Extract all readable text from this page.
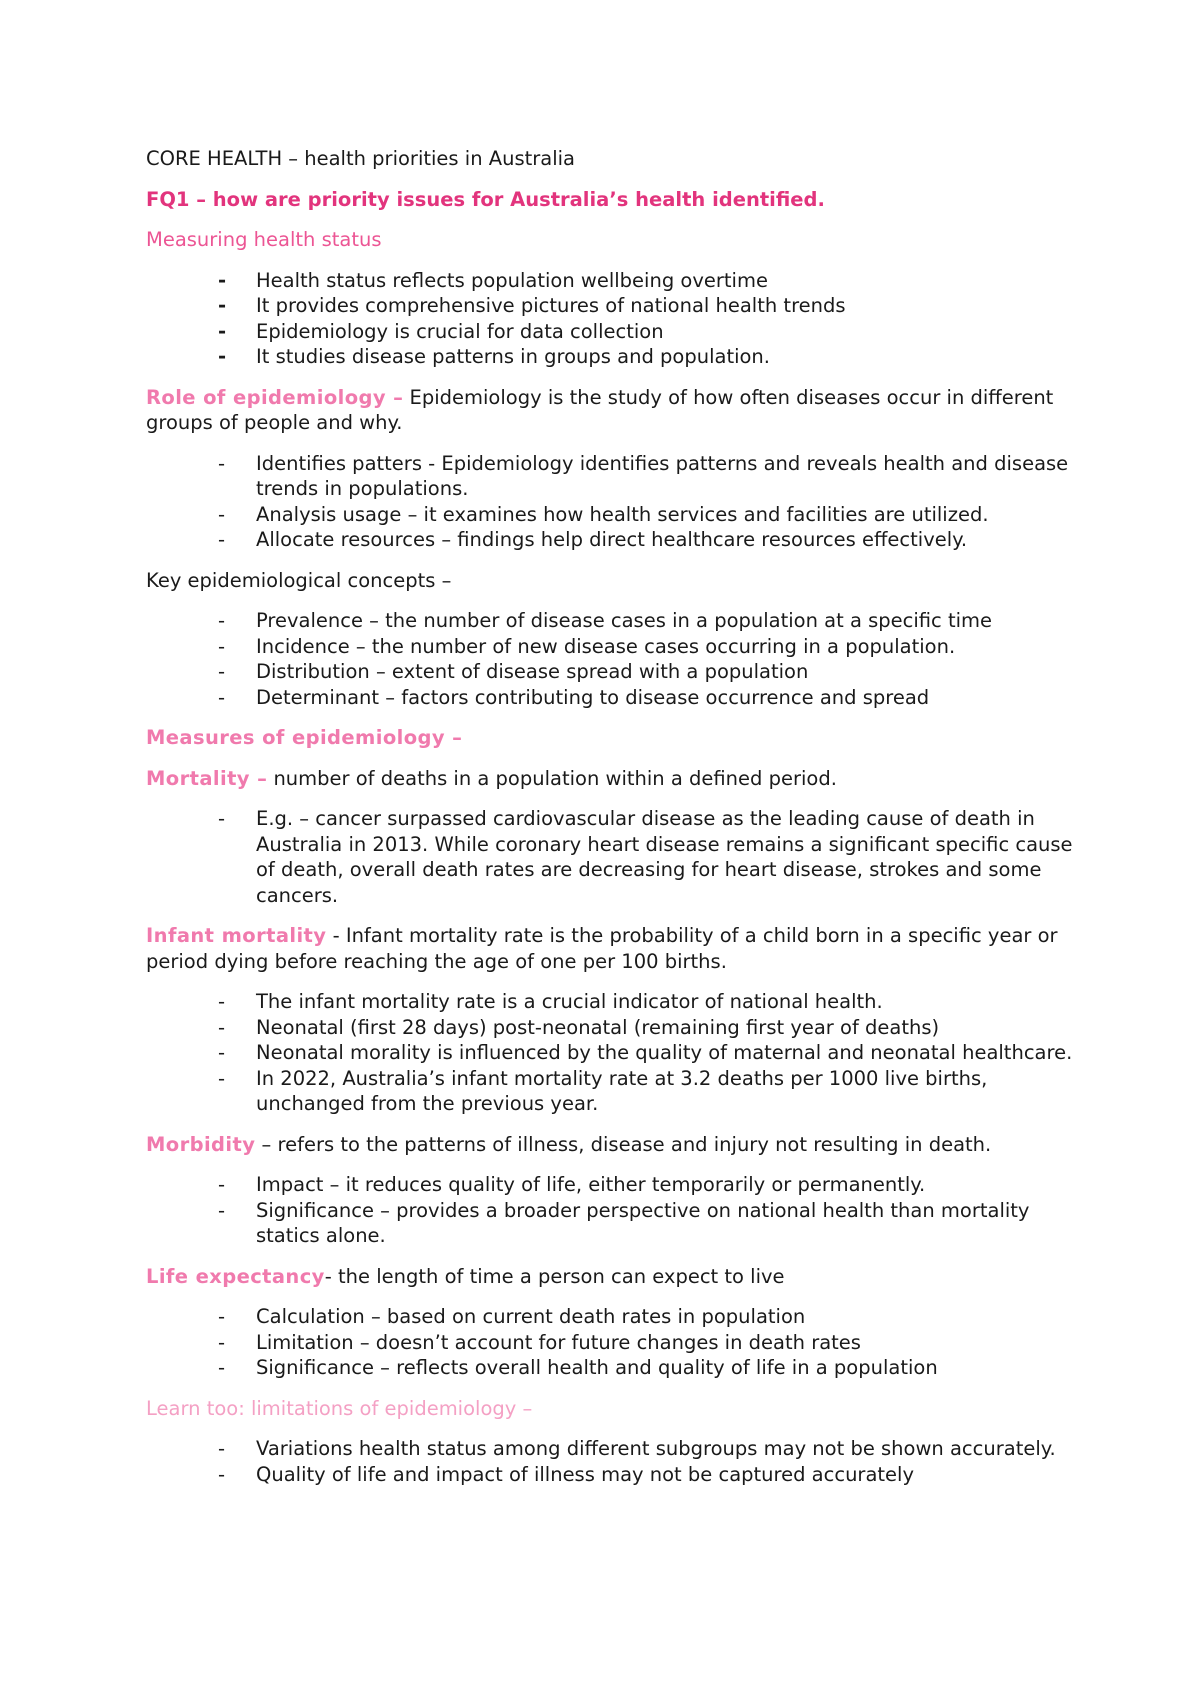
CORE HEALTH – health priorities in Australia

FQ1 – how are priority issues for Australia’s health identified.

Measuring health status

- Health status reflects population wellbeing overtime
- It provides comprehensive pictures of national health trends
- Epidemiology is crucial for data collection
- It studies disease patterns in groups and population.

Role of epidemiology – Epidemiology is the study of how often diseases occur in different groups of people and why.

- Identifies patters - Epidemiology identifies patterns and reveals health and disease trends in populations.
- Analysis usage – it examines how health services and facilities are utilized.
- Allocate resources – findings help direct healthcare resources effectively.

Key epidemiological concepts –

- Prevalence – the number of disease cases in a population at a specific time
- Incidence – the number of new disease cases occurring in a population.
- Distribution – extent of disease spread with a population
- Determinant – factors contributing to disease occurrence and spread

Measures of epidemiology –

Mortality – number of deaths in a population within a defined period.

- E.g. – cancer surpassed cardiovascular disease as the leading cause of death in Australia in 2013. While coronary heart disease remains a significant specific cause of death, overall death rates are decreasing for heart disease, strokes and some cancers.

Infant mortality - Infant mortality rate is the probability of a child born in a specific year or period dying before reaching the age of one per 100 births.

- The infant mortality rate is a crucial indicator of national health.
- Neonatal (first 28 days) post-neonatal (remaining first year of deaths)
- Neonatal morality is influenced by the quality of maternal and neonatal healthcare.
- In 2022, Australia’s infant mortality rate at 3.2 deaths per 1000 live births, unchanged from the previous year.

Morbidity – refers to the patterns of illness, disease and injury not resulting in death.

- Impact – it reduces quality of life, either temporarily or permanently.
- Significance – provides a broader perspective on national health than mortality statics alone.

Life expectancy- the length of time a person can expect to live

- Calculation – based on current death rates in population
- Limitation – doesn’t account for future changes in death rates
- Significance – reflects overall health and quality of life in a population

Learn too: limitations of epidemiology –

- Variations health status among different subgroups may not be shown accurately.
- Quality of life and impact of illness may not be captured accurately
